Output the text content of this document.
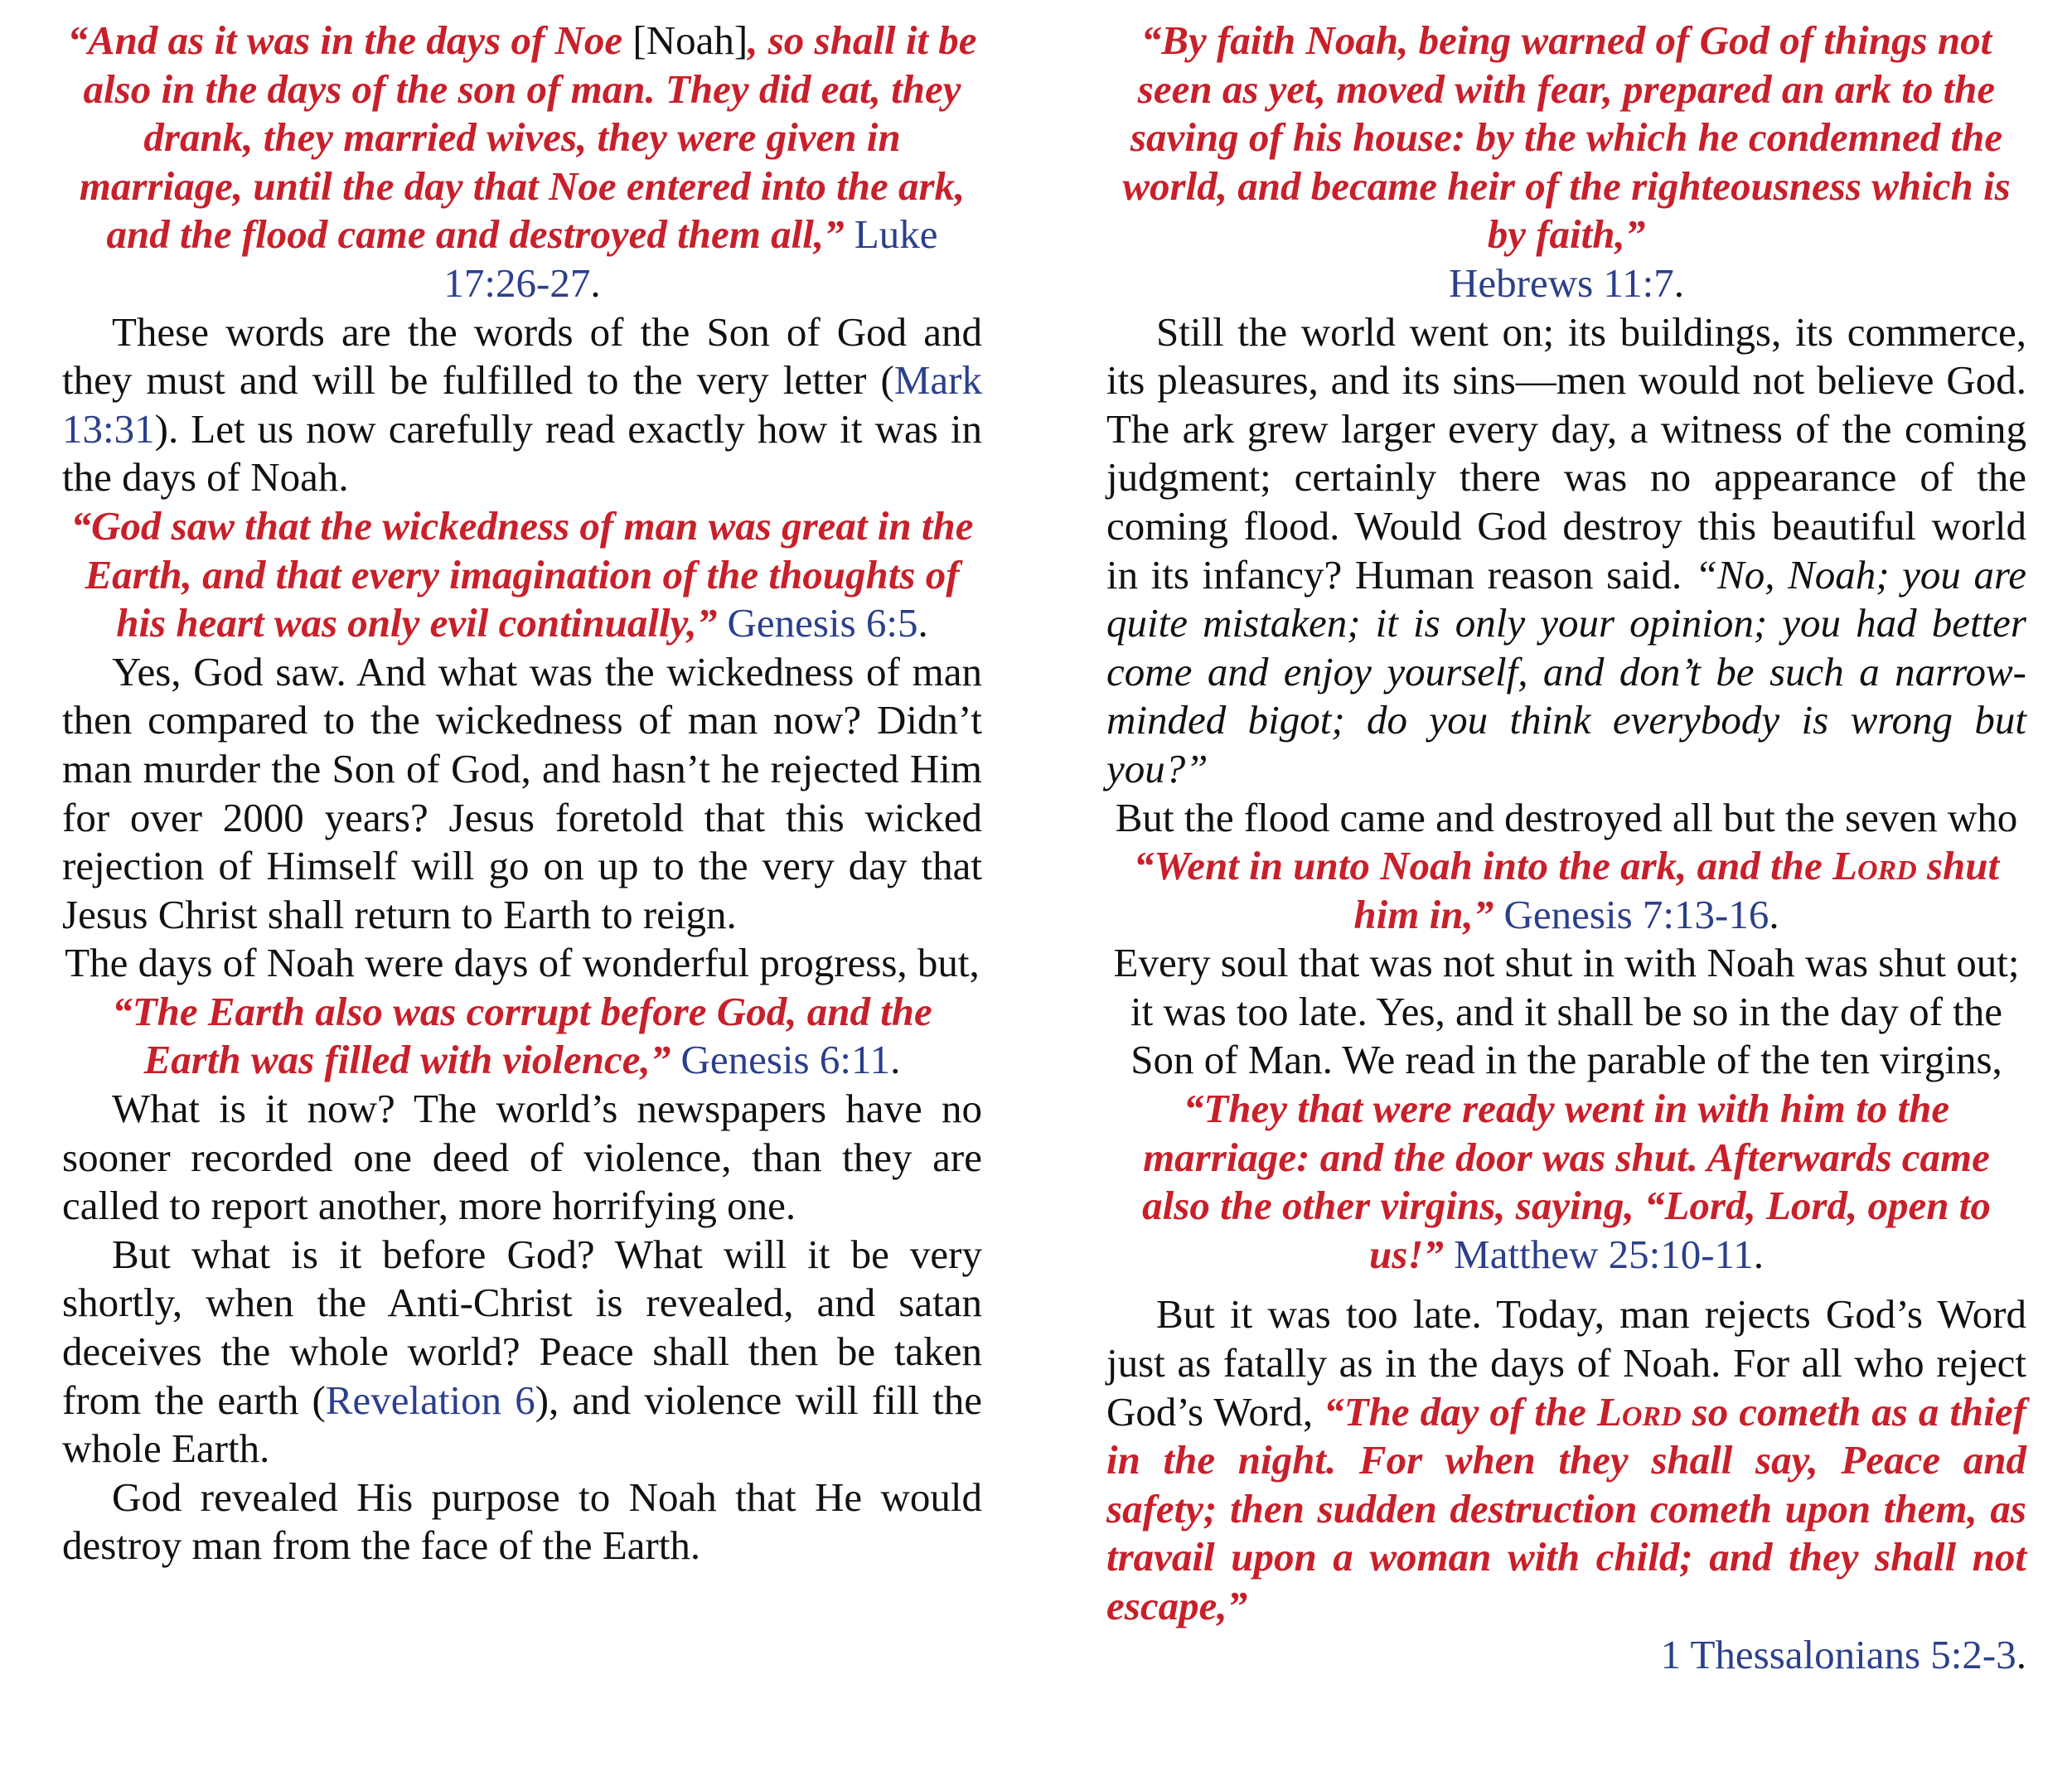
“And as it was in the days of Noe [Noah], so shall it be also in the days of the son of man. They did eat, they drank, they married wives, they were given in marriage, until the day that Noe entered into the ark, and the flood came and destroyed them all,” Luke 17:26-27.

These words are the words of the Son of God and they must and will be fulfilled to the very letter (Mark 13:31). Let us now carefully read exactly how it was in the days of Noah.

“God saw that the wickedness of man was great in the Earth, and that every imagination of the thoughts of his heart was only evil continually,” Genesis 6:5.

Yes, God saw. And what was the wickedness of man then compared to the wickedness of man now? Didn’t man murder the Son of God, and hasn’t he rejected Him for over 2000 years? Jesus foretold that this wicked rejection of Himself will go on up to the very day that Jesus Christ shall return to Earth to reign.

The days of Noah were days of wonderful progress, but, “The Earth also was corrupt before God, and the Earth was filled with violence,” Genesis 6:11.

What is it now? The world’s newspapers have no sooner recorded one deed of violence, than they are called to report another, more horrifying one.

But what is it before God? What will it be very shortly, when the Anti-Christ is revealed, and satan deceives the whole world? Peace shall then be taken from the earth (Revelation 6), and violence will fill the whole Earth.

God revealed His purpose to Noah that He would destroy man from the face of the Earth.

“By faith Noah, being warned of God of things not seen as yet, moved with fear, prepared an ark to the saving of his house: by the which he condemned the world, and became heir of the righteousness which is by faith,”
Hebrews 11:7.

Still the world went on; its buildings, its commerce, its pleasures, and its sins—men would not believe God. The ark grew larger every day, a witness of the coming judgment; certainly there was no appearance of the coming flood. Would God destroy this beautiful world in its infancy? Human reason said. “No, Noah; you are quite mistaken; it is only your opinion; you had better come and enjoy yourself, and don’t be such a narrow-minded bigot; do you think everybody is wrong but you?”

But the flood came and destroyed all but the seven who “Went in unto Noah into the ark, and the Lord shut him in,” Genesis 7:13-16.

Every soul that was not shut in with Noah was shut out; it was too late. Yes, and it shall be so in the day of the Son of Man. We read in the parable of the ten virgins, “They that were ready went in with him to the marriage: and the door was shut. Afterwards came also the other virgins, saying, “Lord, Lord, open to us!” Matthew 25:10-11.

But it was too late. Today, man rejects God’s Word just as fatally as in the days of Noah. For all who reject God’s Word, “The day of the Lord so cometh as a thief in the night. For when they shall say, Peace and safety; then sudden destruction cometh upon them, as travail upon a woman with child; and they shall not escape,”

1 Thessalonians 5:2-3.
